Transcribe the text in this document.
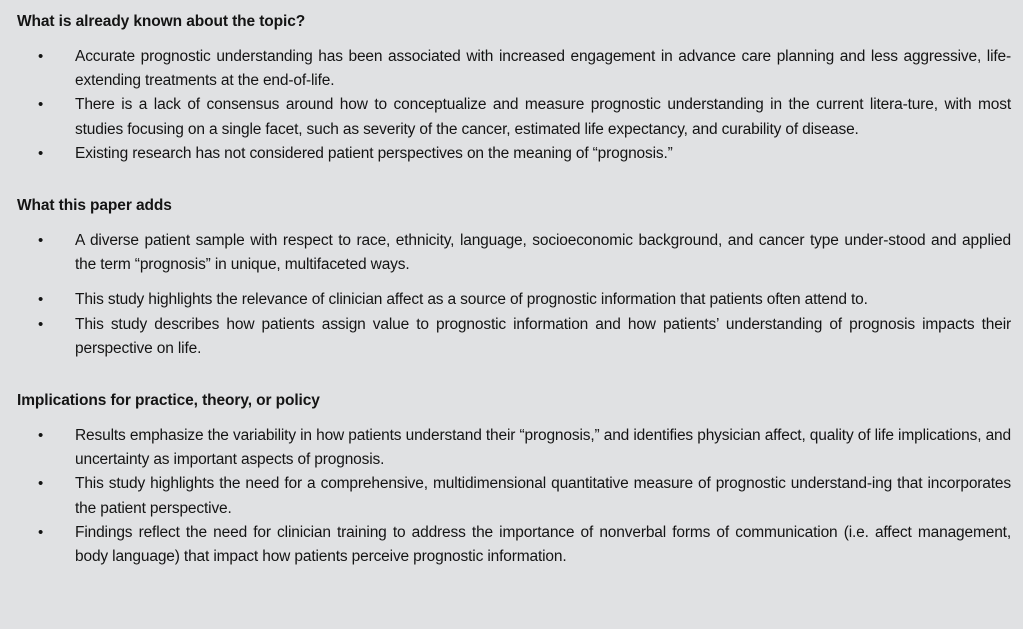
What is already known about the topic?
•	Accurate prognostic understanding has been associated with increased engagement in advance care planning and less aggressive, life-extending treatments at the end-of-life.
•	There is a lack of consensus around how to conceptualize and measure prognostic understanding in the current litera-ture, with most studies focusing on a single facet, such as severity of the cancer, estimated life expectancy, and curability of disease.
•	Existing research has not considered patient perspectives on the meaning of “prognosis.”
What this paper adds
•	A diverse patient sample with respect to race, ethnicity, language, socioeconomic background, and cancer type under-stood and applied the term “prognosis” in unique, multifaceted ways.
•	This study highlights the relevance of clinician affect as a source of prognostic information that patients often attend to.
•	This study describes how patients assign value to prognostic information and how patients’ understanding of prognosis impacts their perspective on life.
Implications for practice, theory, or policy
•	Results emphasize the variability in how patients understand their “prognosis,” and identifies physician affect, quality of life implications, and uncertainty as important aspects of prognosis.
•	This study highlights the need for a comprehensive, multidimensional quantitative measure of prognostic understand-ing that incorporates the patient perspective.
•	Findings reflect the need for clinician training to address the importance of nonverbal forms of communication (i.e. affect management, body language) that impact how patients perceive prognostic information.
